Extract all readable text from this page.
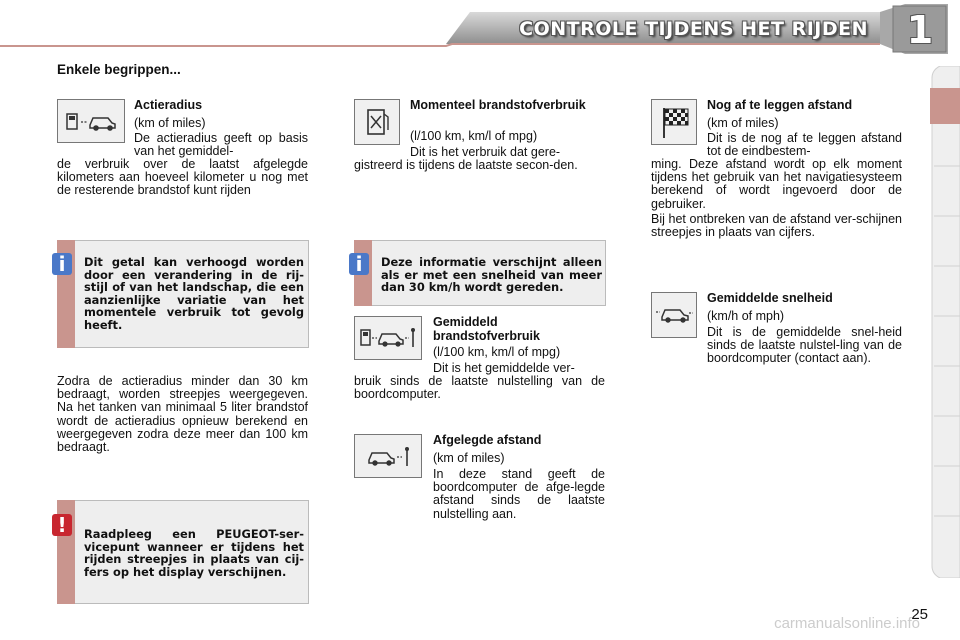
CONTROLE TIJDENS HET RIJDEN 1
Enkele begrippen...
Actieradius
(km of miles)
De actieradius geeft op basis van het gemiddel-
de verbruik over de laatst afgelegde kilometers aan hoeveel kilometer u nog met de resterende brandstof kunt rijden
i	Dit getal kan verhoogd worden door een verandering in de rij-stijl of van het landschap, die een aanzienlijke variatie van het momentele verbruik tot gevolg heeft.
Zodra de actieradius minder dan 30 km bedraagt, worden streepjes weergegeven. Na het tanken van minimaal 5 liter brandstof wordt de actieradius opnieuw berekend en weergegeven zodra deze meer dan 100 km bedraagt.
!	Raadpleeg een PEUGEOT-ser-vicepunt wanneer er tijdens het rijden streepjes in plaats van cij-fers op het display verschijnen.
Momenteel brandstofverbruik
(l/100 km, km/l of mpg)
Dit is het verbruik dat gere-
gistreerd is tijdens de laatste secon-den.
i	Deze informatie verschijnt alleen als er met een snelheid van meer dan 30 km/h wordt gereden.
Gemiddeld brandstofverbruik
(l/100 km, km/l of mpg)
Dit is het gemiddelde ver-
bruik sinds de laatste nulstelling van de boordcomputer.
Afgelegde afstand
(km of miles)
In deze stand geeft de boordcomputer de afge-legde afstand sinds de laatste nulstelling aan.
Nog af te leggen afstand
(km of miles)
Dit is de nog af te leggen afstand tot de eindbestem-
ming. Deze afstand wordt op elk moment tijdens het gebruik van het navigatiesysteem berekend of wordt ingevoerd door de gebruiker.
Bij het ontbreken van de afstand ver-schijnen streepjes in plaats van cijfers.
Gemiddelde snelheid
(km/h of mph)
Dit is de gemiddelde snel-heid sinds de laatste nulstel-ling van de boordcomputer (contact aan).
25
carmanualsonline.info
